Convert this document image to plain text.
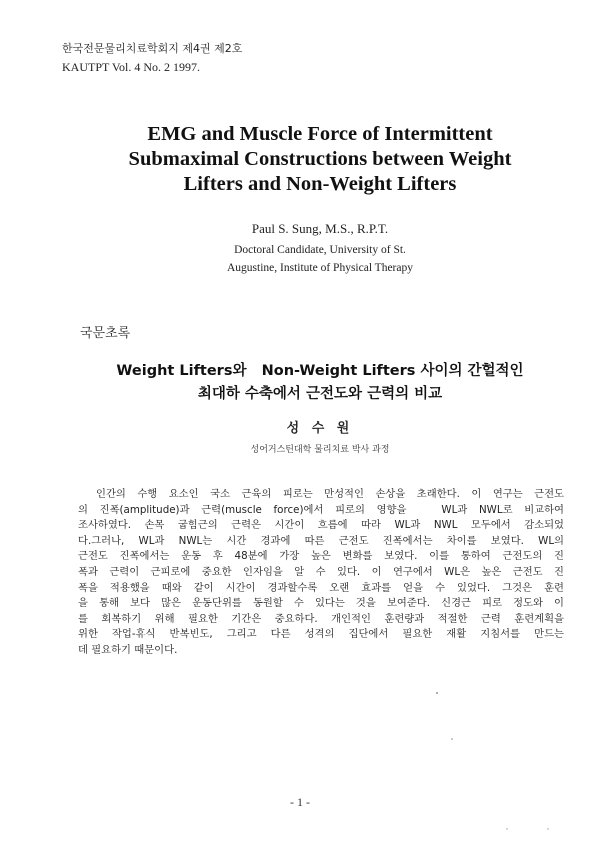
한국전문물리치료학회지 제4권 제2호
KAUTPT Vol. 4 No. 2 1997.
EMG and Muscle Force of Intermittent
Submaximal Constructions between Weight
Lifters and Non-Weight Lifters
Paul S. Sung, M.S., R.P.T.
Doctoral Candidate, University of St.
Augustine, Institute of Physical Therapy
국문초록
Weight Lifters와   Non-Weight Lifters 사이의 간헐적인
최대하 수축에서 근전도와 근력의 비교
성 수 원
성어거스틴대학 물리치료 박사 과정
인간의 수행 요소인 국소 근육의 피로는 만성적인 손상을 초래한다. 이 연구는 근전도
의 진폭(amplitude)과 근력(muscle force)에서 피로의 영향을   WL과 NWL로 비교하여
조사하였다. 손목 굽힘근의 근력은 시간이 흐름에 따라 WL과 NWL 모두에서 감소되었
다.그러나, WL과 NWL는 시간 경과에 따른 근전도 진폭에서는 차이를 보였다. WL의
근전도 진폭에서는 운동 후 48분에 가장 높은 변화를 보였다. 이를 통하여 근전도의 진
폭과 근력이 근피로에 중요한 인자임을 알 수 있다. 이 연구에서 WL은 높은 근전도 진
폭을 적용했을 때와 같이 시간이 경과할수록 오랜 효과를 얻을 수 있었다. 그것은 훈련
을 통해 보다 많은 운동단위를 동원할 수 있다는 것을 보여준다. 신경근 피로 정도와 이
를 회복하기 위해 필요한 기간은 중요하다. 개인적인 훈련량과 적절한 근력 훈련계획을
위한 작업-휴식 반복빈도, 그리고 다른 성격의 집단에서 필요한 재활 지침서를 만드는
데 필요하기 때문이다.
- 1 -
